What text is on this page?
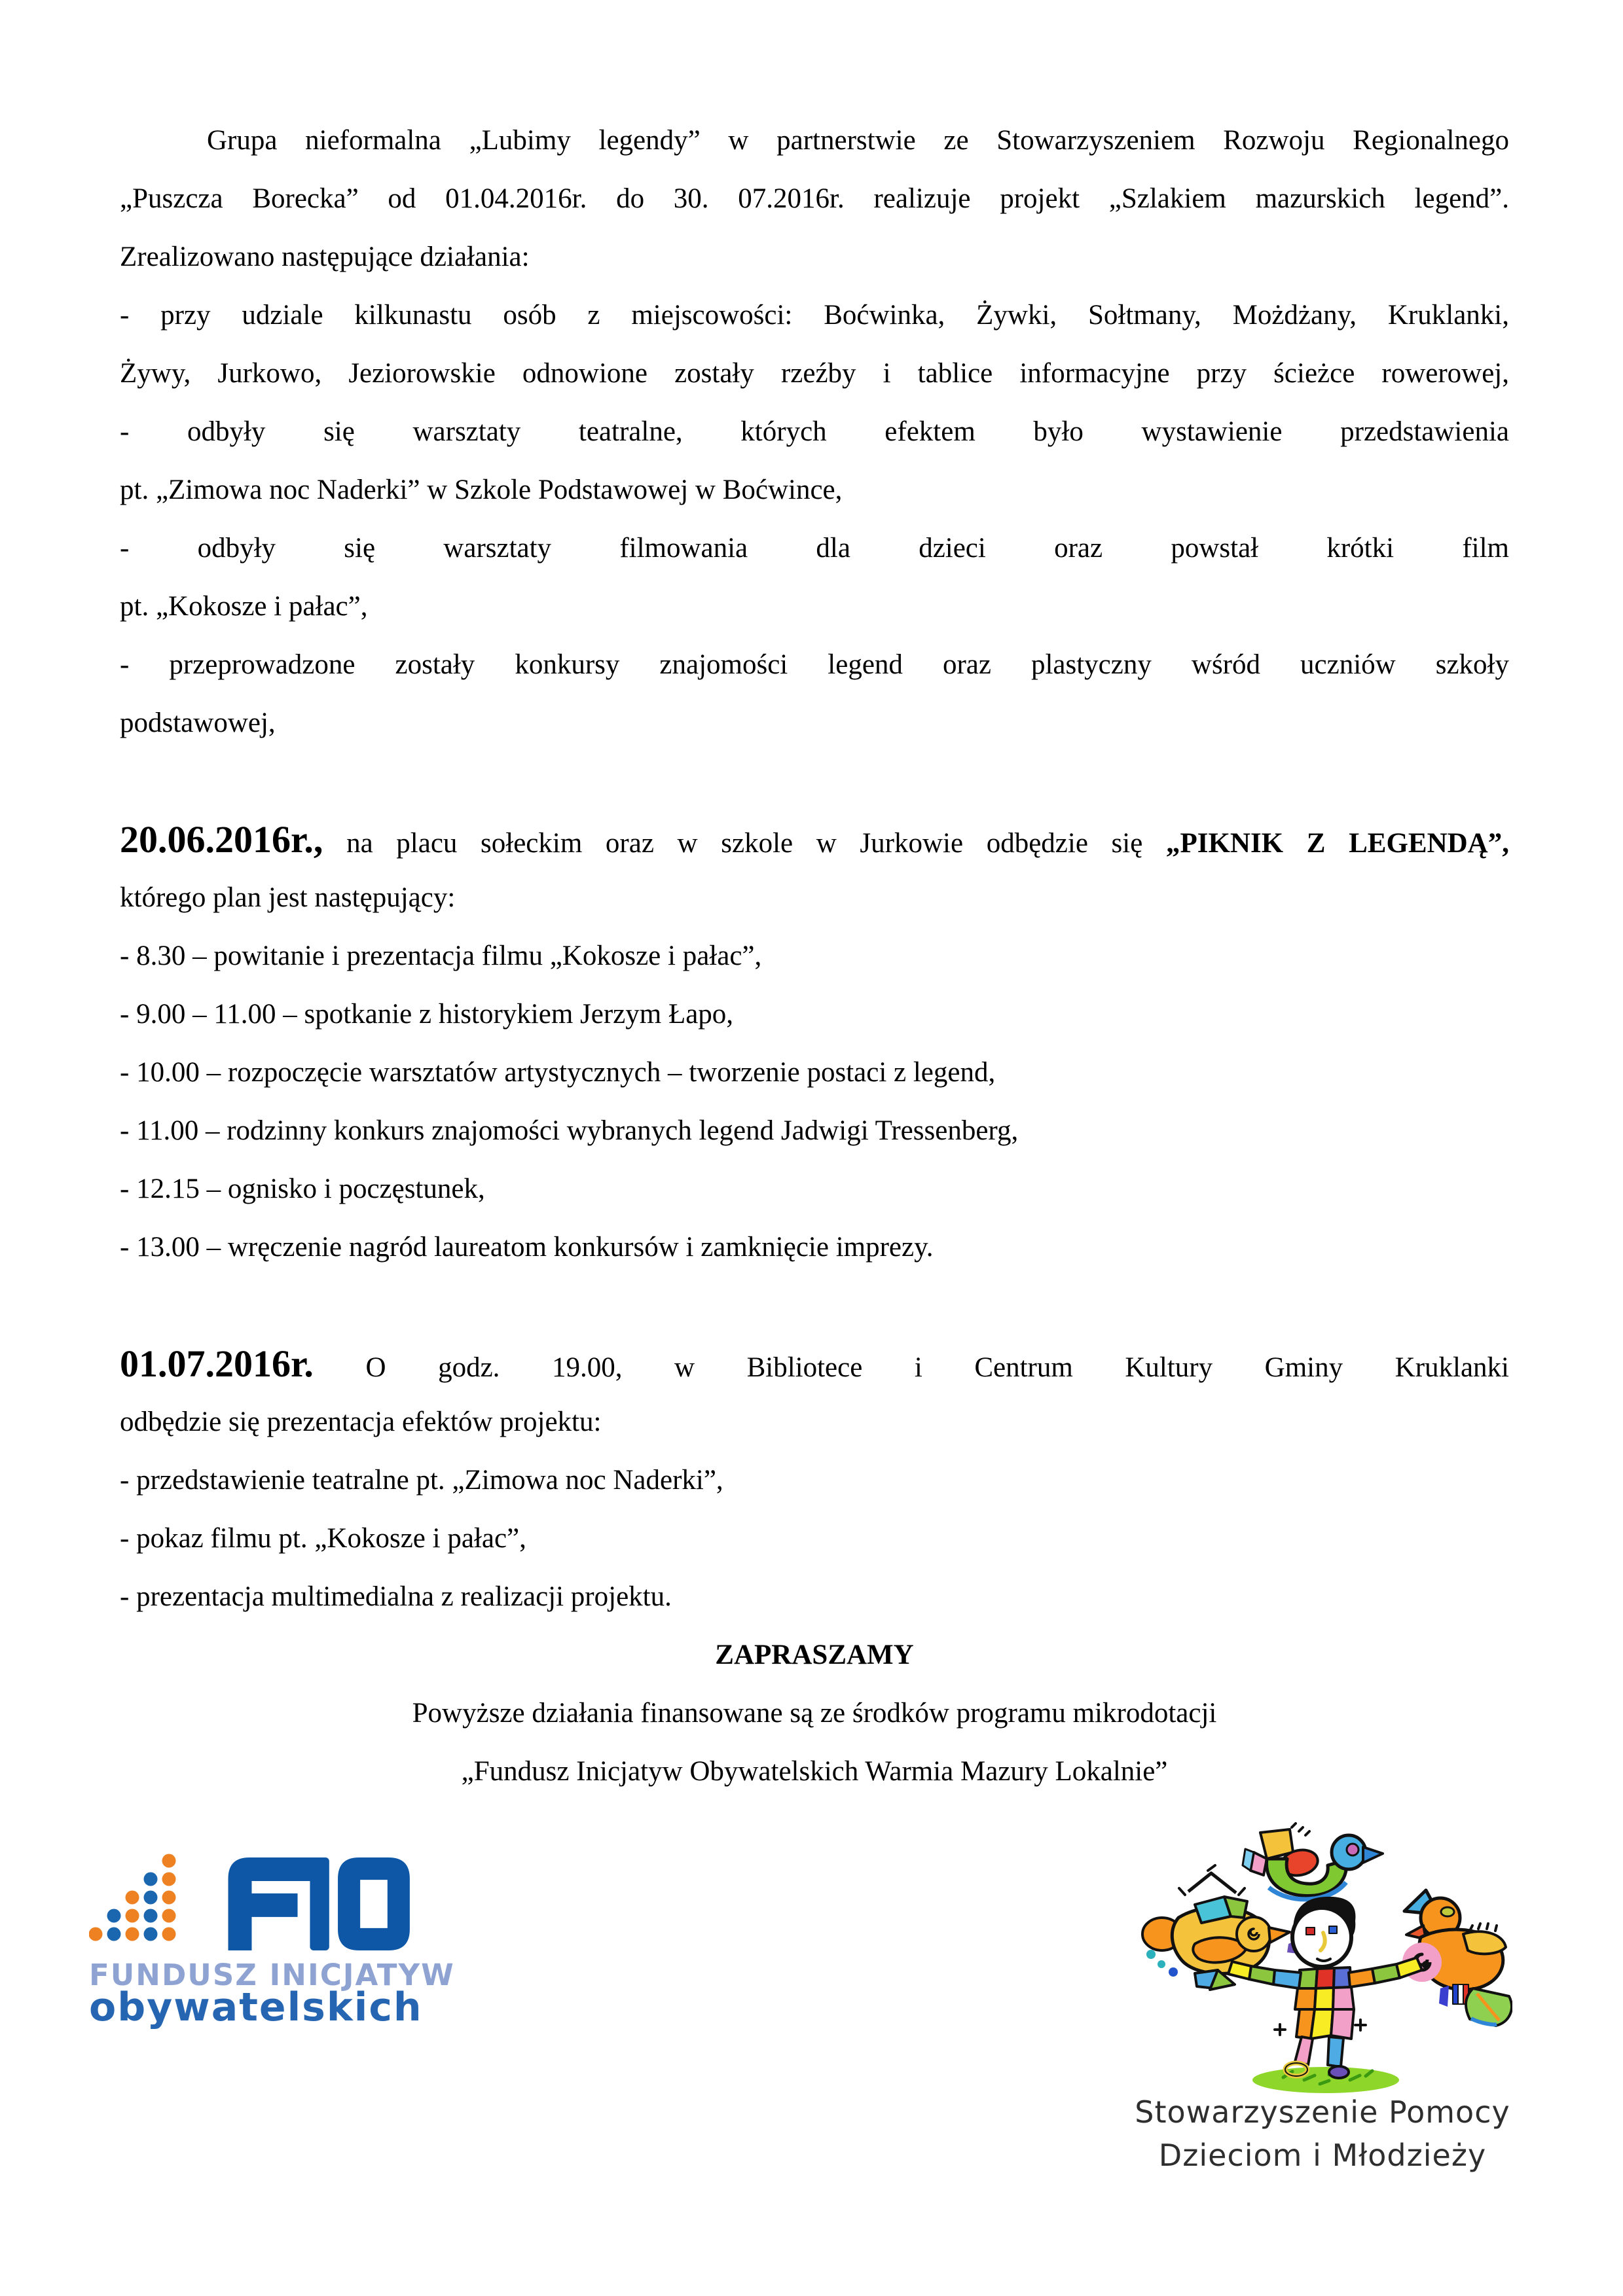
Grupa nieformalna „Lubimy legendy” w partnerstwie ze Stowarzyszeniem Rozwoju Regionalnego
„Puszcza Borecka” od 01.04.2016r. do 30. 07.2016r. realizuje projekt „Szlakiem mazurskich legend”.
Zrealizowano następujące działania:
- przy udziale kilkunastu osób z miejscowości: Boćwinka, Żywki, Sołtmany, Możdżany, Kruklanki,
Żywy, Jurkowo, Jeziorowskie odnowione zostały rzeźby i tablice informacyjne przy ścieżce rowerowej,
- odbyły się warsztaty teatralne, których efektem było wystawienie przedstawienia
pt. „Zimowa noc Naderki” w Szkole Podstawowej w Boćwince,
- odbyły się warsztaty filmowania dla dzieci oraz powstał krótki film
pt. „Kokosze i pałac”,
- przeprowadzone zostały konkursy znajomości legend oraz plastyczny wśród uczniów szkoły
podstawowej,
20.06.2016r., na placu sołeckim oraz w szkole w Jurkowie odbędzie się „PIKNIK Z LEGENDĄ”,
którego plan jest następujący:
- 8.30 – powitanie i prezentacja filmu „Kokosze i pałac”,
- 9.00 – 11.00 – spotkanie z historykiem Jerzym Łapo,
- 10.00 – rozpoczęcie warsztatów artystycznych – tworzenie postaci z legend,
- 11.00 – rodzinny konkurs znajomości wybranych legend Jadwigi Tressenberg,
- 12.15 – ognisko i poczęstunek,
- 13.00 – wręczenie nagród laureatom konkursów i zamknięcie imprezy.
01.07.2016r. O godz. 19.00, w Bibliotece i Centrum Kultury Gminy Kruklanki
odbędzie się prezentacja efektów projektu:
- przedstawienie teatralne pt. „Zimowa noc Naderki”,
- pokaz filmu pt. „Kokosze i pałac”,
- prezentacja multimedialna z realizacji projektu.
ZAPRASZAMY
Powyższe działania finansowane są ze środków programu mikrodotacji
„Fundusz Inicjatyw Obywatelskich Warmia Mazury Lokalnie”
FUNDUSZ INICJATYW
obywatelskich
Stowarzyszenie Pomocy
Dzieciom i Młodzieży
